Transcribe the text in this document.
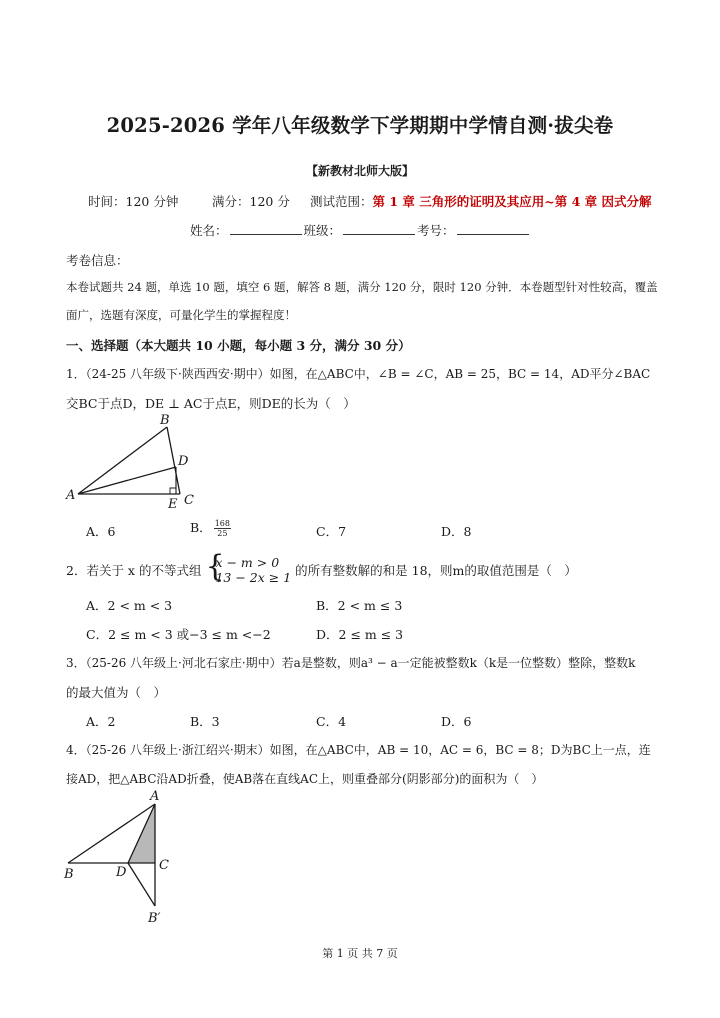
2025-2026 学年八年级数学下学期期中学情自测·拔尖卷
【新教材北师大版】
时间：120 分钟	满分：120 分 测试范围：第 1 章 三角形的证明及其应用~第 4 章 因式分解
姓名：	班级：	考号：
考卷信息：
本卷试题共 24 题，单选 10 题，填空 6 题，解答 8 题，满分 120 分，限时 120 分钟．本卷题型针对性较高，覆盖
面广，选题有深度，可量化学生的掌握程度！
一、选择题（本大题共 10 小题，每小题 3 分，满分 30 分）
1．（24-25 八年级下·陕西西安·期中）如图，在△ABC中，∠B = ∠C，AB = 25，BC = 14，AD平分∠BAC
交BC于点D，DE ⊥ AC于点E，则DE的长为（　）
A
B
C
D
E
A．6	B． $\frac{168}{25}$	C．7	D．8
2．若关于 x 的不等式组 {
x − m > 0
13 − 2x ≥ 1 的所有整数解的和是 18，则m的取值范围是（　）
A．2 < m < 3	B．2 < m ≤ 3
C．2 ≤ m < 3 或−3 ≤ m <−2	D．2 ≤ m ≤ 3
3．（25-26 八年级上·河北石家庄·期中）若a是整数，则a³ − a一定能被整数k（k是一位整数）整除，整数k
的最大值为（　）
A．2	B．3	C．4	D．6
4．（25-26 八年级上·浙江绍兴·期末）如图，在△ABC中，AB = 10，AC = 6，BC = 8；D为BC上一点，连
接AD，把△ABC沿AD折叠，使AB落在直线AC上，则重叠部分(阴影部分)的面积为（　）
A
B
C
D
B′
第 1 页 共 7 页
